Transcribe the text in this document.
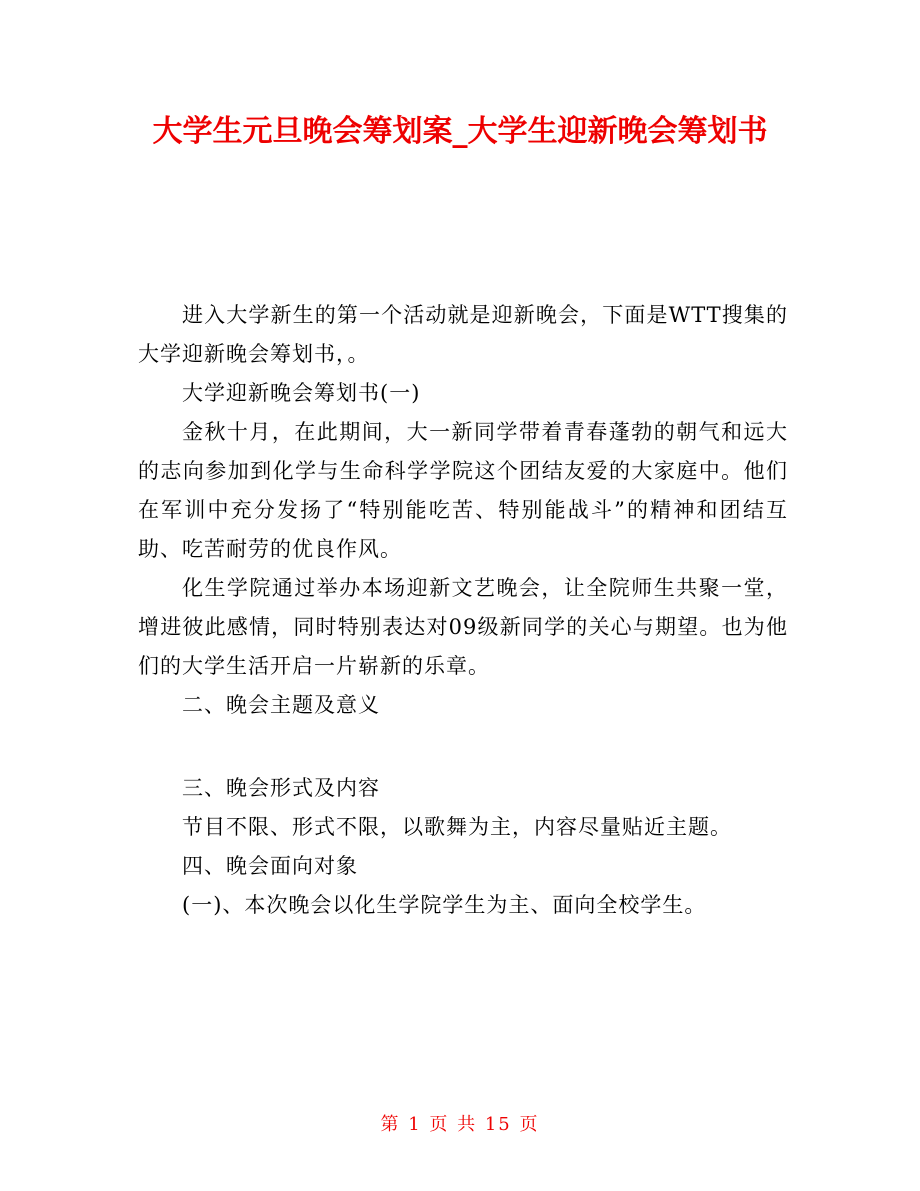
大学生元旦晚会筹划案_大学生迎新晚会筹划书

进入大学新生的第一个活动就是迎新晚会，下面是WTT搜集的大学迎新晚会筹划书，。

大学迎新晚会筹划书(一)

金秋十月，在此期间，大一新同学带着青春蓬勃的朝气和远大的志向参加到化学与生命科学学院这个团结友爱的大家庭中。他们在军训中充分发扬了“特别能吃苦、特别能战斗”的精神和团结互助、吃苦耐劳的优良作风。

化生学院通过举办本场迎新文艺晚会，让全院师生共聚一堂，增进彼此感情，同时特别表达对09级新同学的关心与期望。也为他们的大学生活开启一片崭新的乐章。

二、晚会主题及意义

三、晚会形式及内容

节目不限、形式不限，以歌舞为主，内容尽量贴近主题。

四、晚会面向对象

(一)、本次晚会以化生学院学生为主、面向全校学生。

第 1 页 共 15 页
